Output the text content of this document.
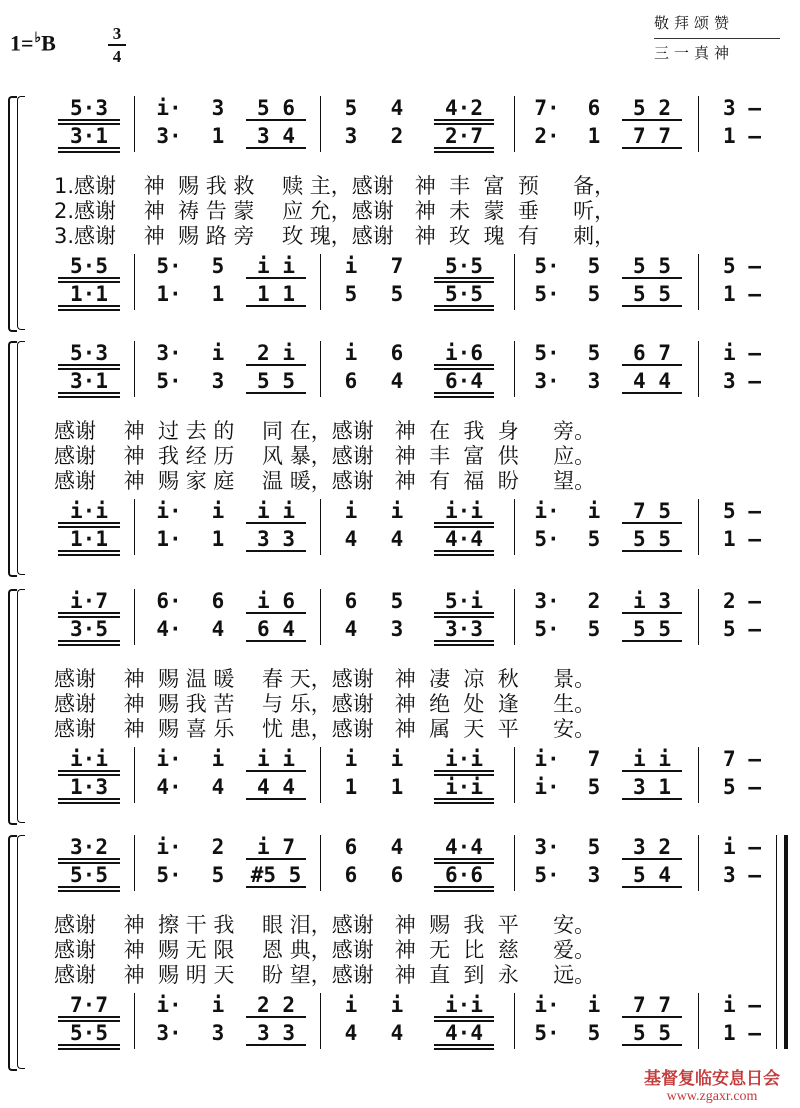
1=♭B	3
4
敬拜颂赞
三一真神
5·3	i·	3	5 6	5	4	4·2	7·	6	5 2	3 –
3·1	3·	1	3 4	3	2	2·7	2·	1	7 7	1 –
5·5	5·	5	i i	i	7	5·5	5·	5	5 5	5 –
1·1	1·	1	1 1	5	5	5·5	5·	5	5 5	1 –
1.感谢　 神  赐 我 救　 赎 主，感谢　神  丰  富  预　  备，
2.感谢　 神  祷 告 蒙　 应 允，感谢　神  未  蒙  垂　  听，
3.感谢　 神  赐 路 旁　 玫 瑰，感谢　神  玫  瑰  有　  刺，
5·3	3·	i	2 i	i	6	i·6	5·	5	6 7	i –
3·1	5·	3	5 5	6	4	6·4	3·	3	4 4	3 –
i·i	i·	i	i i	i	i	i·i	i·	i	7 5	5 –
1·1	1·	1	3 3	4	4	4·4	5·	5	5 5	1 –
感谢　 神  过 去 的　 同 在，感谢　神  在  我  身　  旁。
感谢　 神  我 经 历　 风 暴，感谢　神  丰  富  供　  应。
感谢　 神  赐 家 庭　 温 暖，感谢　神  有  福  盼　  望。
i·7	6·	6	i 6	6	5	5·i	3·	2	i 3	2 –
3·5	4·	4	6 4	4	3	3·3	5·	5	5 5	5 –
i·i	i·	i	i i	i	i	i·i	i·	7	i i	7 –
1·3	4·	4	4 4	1	1	i·i	i·	5	3 1	5 –
感谢　 神  赐 温 暖　 春 天，感谢　神  凄  凉  秋　  景。
感谢　 神  赐 我 苦　 与 乐，感谢　神  绝  处  逢　  生。
感谢　 神  赐 喜 乐　 忧 患，感谢　神  属  天  平　  安。
3·2	i·	2	i 7	6	4	4·4	3·	5	3 2	i –
5·5	5·	5	#5 5	6	6	6·6	5·	3	5 4	3 –
7·7	i·	i	2 2	i	i	i·i	i·	i	7 7	i –
5·5	3·	3	3 3	4	4	4·4	5·	5	5 5	1 –
感谢　 神  擦 干 我　 眼 泪，感谢　神  赐  我  平　  安。
感谢　 神  赐 无 限　 恩 典，感谢　神  无  比  慈　  爱。
感谢　 神  赐 明 天　 盼 望，感谢　神  直  到  永　  远。
基督复临安息日会
www.zgaxr.com
